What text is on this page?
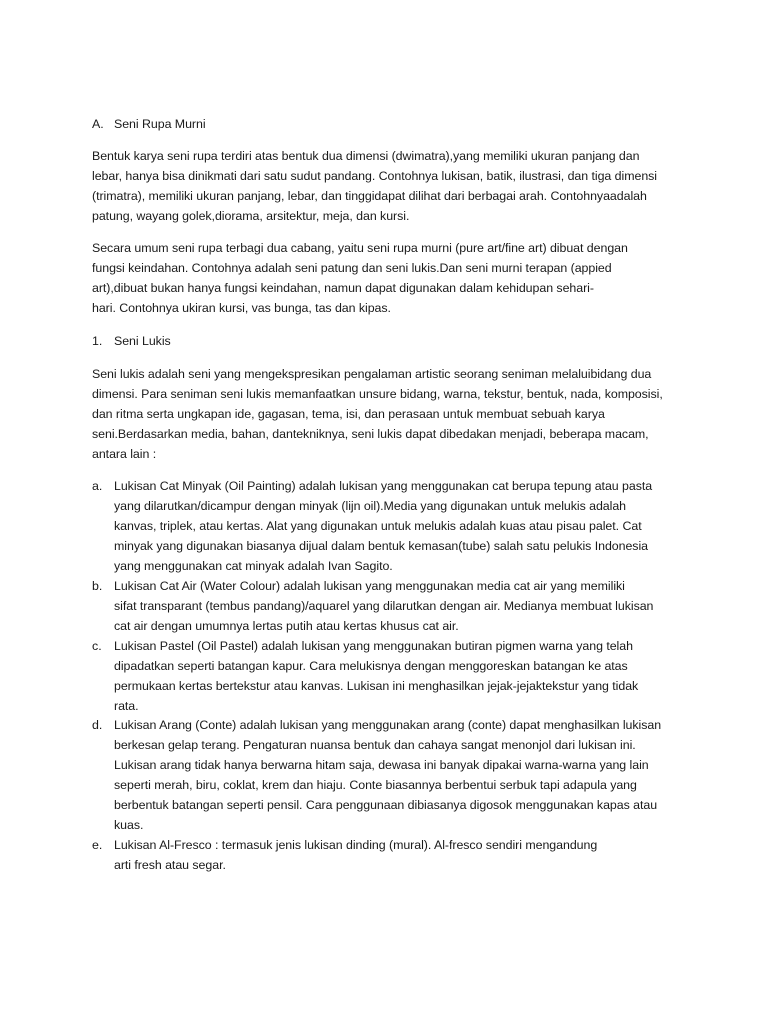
A. Seni Rupa Murni
Bentuk karya seni rupa terdiri atas bentuk dua dimensi (dwimatra),yang memiliki ukuran panjang dan
lebar, hanya bisa dinikmati dari satu sudut pandang. Contohnya lukisan, batik, ilustrasi, dan tiga dimensi
(trimatra), memiliki ukuran panjang, lebar, dan tinggidapat dilihat dari berbagai arah. Contohnyaadalah
patung, wayang golek,diorama, arsitektur, meja, dan kursi.
Secara umum seni rupa terbagi dua cabang, yaitu seni rupa murni (pure art/fine art) dibuat dengan
fungsi keindahan. Contohnya adalah seni patung dan seni lukis.Dan seni murni terapan (appied
art),dibuat bukan hanya fungsi keindahan, namun dapat digunakan dalam kehidupan sehari-
hari. Contohnya ukiran kursi, vas bunga, tas dan kipas.
1. Seni Lukis
Seni lukis adalah seni yang mengekspresikan pengalaman artistic seorang seniman melaluibidang dua
dimensi. Para seniman seni lukis memanfaatkan unsure bidang, warna, tekstur, bentuk, nada, komposisi,
dan ritma serta ungkapan ide, gagasan, tema, isi, dan perasaan untuk membuat sebuah karya
seni.Berdasarkan media, bahan, dantekniknya, seni lukis dapat dibedakan menjadi, beberapa macam,
antara lain :
a. Lukisan Cat Minyak (Oil Painting) adalah lukisan yang menggunakan cat berupa tepung atau pasta
yang dilarutkan/dicampur dengan minyak (lijn oil).Media yang digunakan untuk melukis adalah
kanvas, triplek, atau kertas. Alat yang digunakan untuk melukis adalah kuas atau pisau palet. Cat
minyak yang digunakan biasanya dijual dalam bentuk kemasan(tube) salah satu pelukis Indonesia
yang menggunakan cat minyak adalah Ivan Sagito.
b. Lukisan Cat Air (Water Colour) adalah lukisan yang menggunakan media cat air yang memiliki
sifat transparant (tembus pandang)/aquarel yang dilarutkan dengan air. Medianya membuat lukisan
cat air dengan umumnya lertas putih atau kertas khusus cat air.
c. Lukisan Pastel (Oil Pastel) adalah lukisan yang menggunakan butiran pigmen warna yang telah
dipadatkan seperti batangan kapur. Cara melukisnya dengan menggoreskan batangan ke atas
permukaan kertas bertekstur atau kanvas. Lukisan ini menghasilkan jejak-jejaktekstur yang tidak
rata.
d. Lukisan Arang (Conte) adalah lukisan yang menggunakan arang (conte) dapat menghasilkan lukisan
berkesan gelap terang. Pengaturan nuansa bentuk dan cahaya sangat menonjol dari lukisan ini.
Lukisan arang tidak hanya berwarna hitam saja, dewasa ini banyak dipakai warna-warna yang lain
seperti merah, biru, coklat, krem dan hiaju. Conte biasannya berbentui serbuk tapi adapula yang
berbentuk batangan seperti pensil. Cara penggunaan dibiasanya digosok menggunakan kapas atau
kuas.
e. Lukisan Al-Fresco : termasuk jenis lukisan dinding (mural). Al-fresco sendiri mengandung
arti fresh atau segar.
